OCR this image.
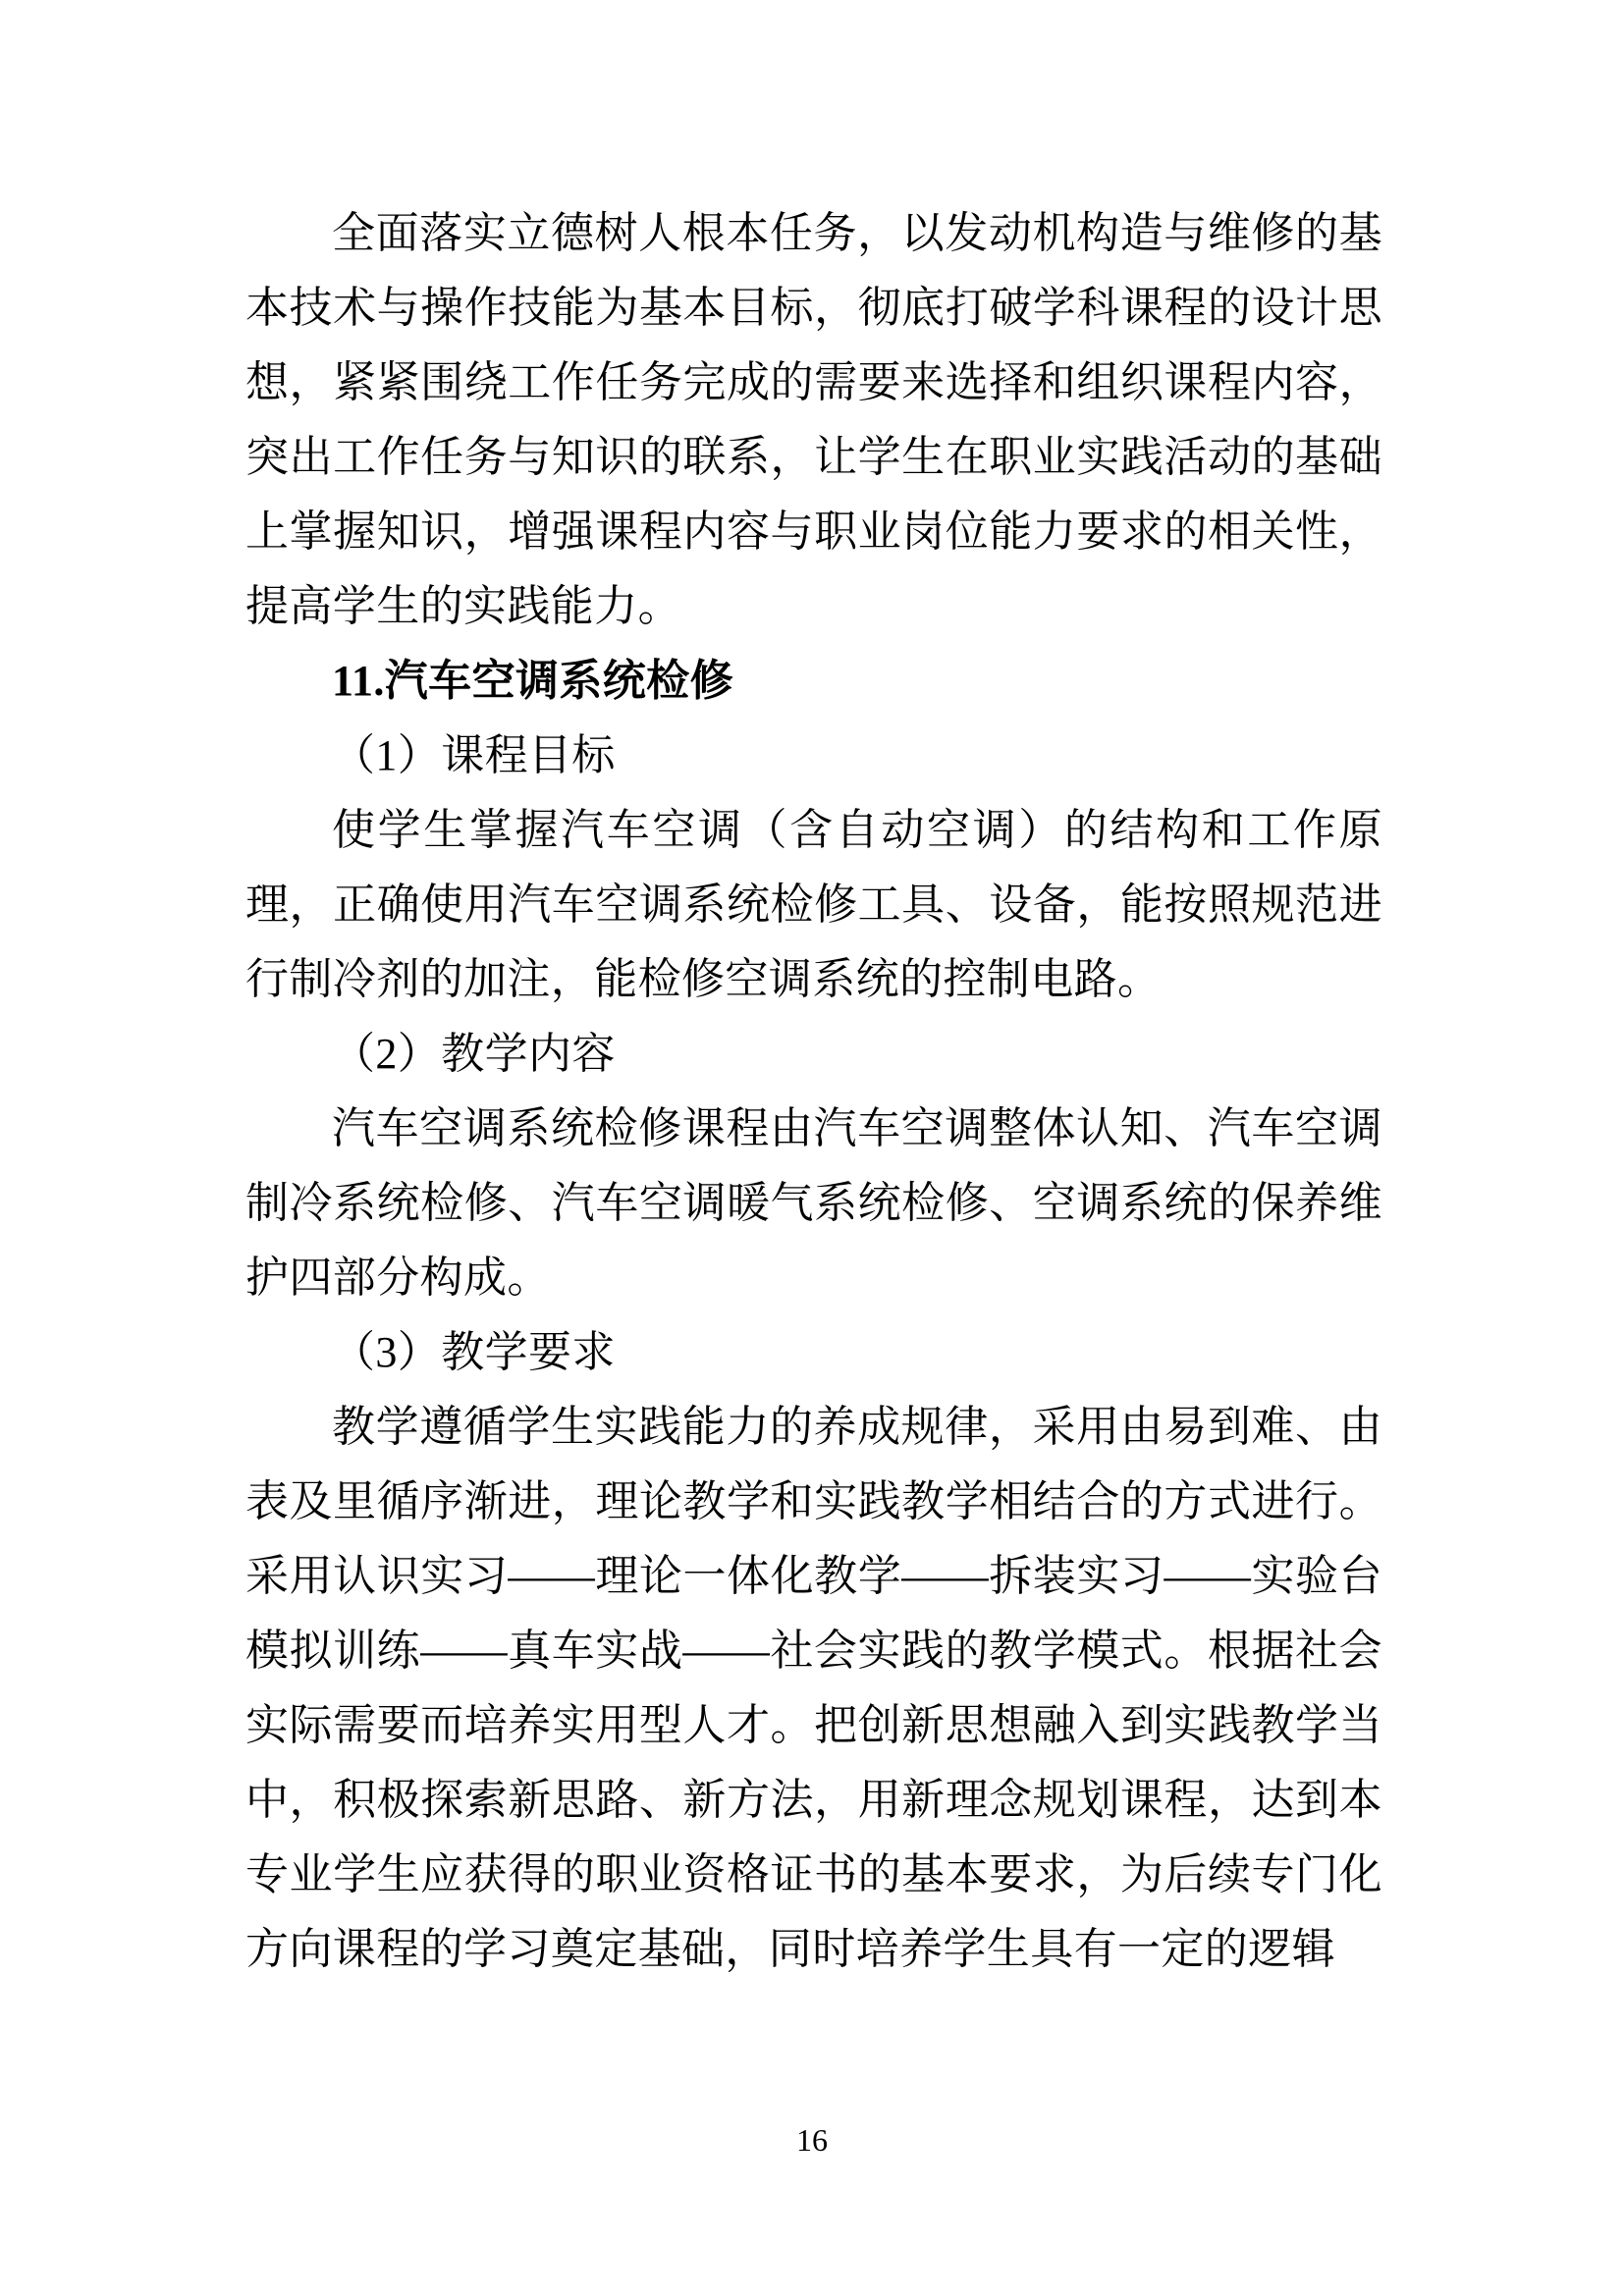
全面落实立德树人根本任务，以发动机构造与维修的基本技术与操作技能为基本目标，彻底打破学科课程的设计思想，紧紧围绕工作任务完成的需要来选择和组织课程内容，突出工作任务与知识的联系，让学生在职业实践活动的基础上掌握知识，增强课程内容与职业岗位能力要求的相关性，提高学生的实践能力。

11.汽车空调系统检修

（1）课程目标

使学生掌握汽车空调（含自动空调）的结构和工作原理，正确使用汽车空调系统检修工具、设备，能按照规范进行制冷剂的加注，能检修空调系统的控制电路。

（2）教学内容

汽车空调系统检修课程由汽车空调整体认知、汽车空调制冷系统检修、汽车空调暖气系统检修、空调系统的保养维护四部分构成。

（3）教学要求

教学遵循学生实践能力的养成规律，采用由易到难、由表及里循序渐进，理论教学和实践教学相结合的方式进行。采用认识实习——理论一体化教学——拆装实习——实验台模拟训练——真车实战——社会实践的教学模式。根据社会实际需要而培养实用型人才。把创新思想融入到实践教学当中，积极探索新思路、新方法，用新理念规划课程，达到本专业学生应获得的职业资格证书的基本要求，为后续专门化方向课程的学习奠定基础，同时培养学生具有一定的逻辑

16
